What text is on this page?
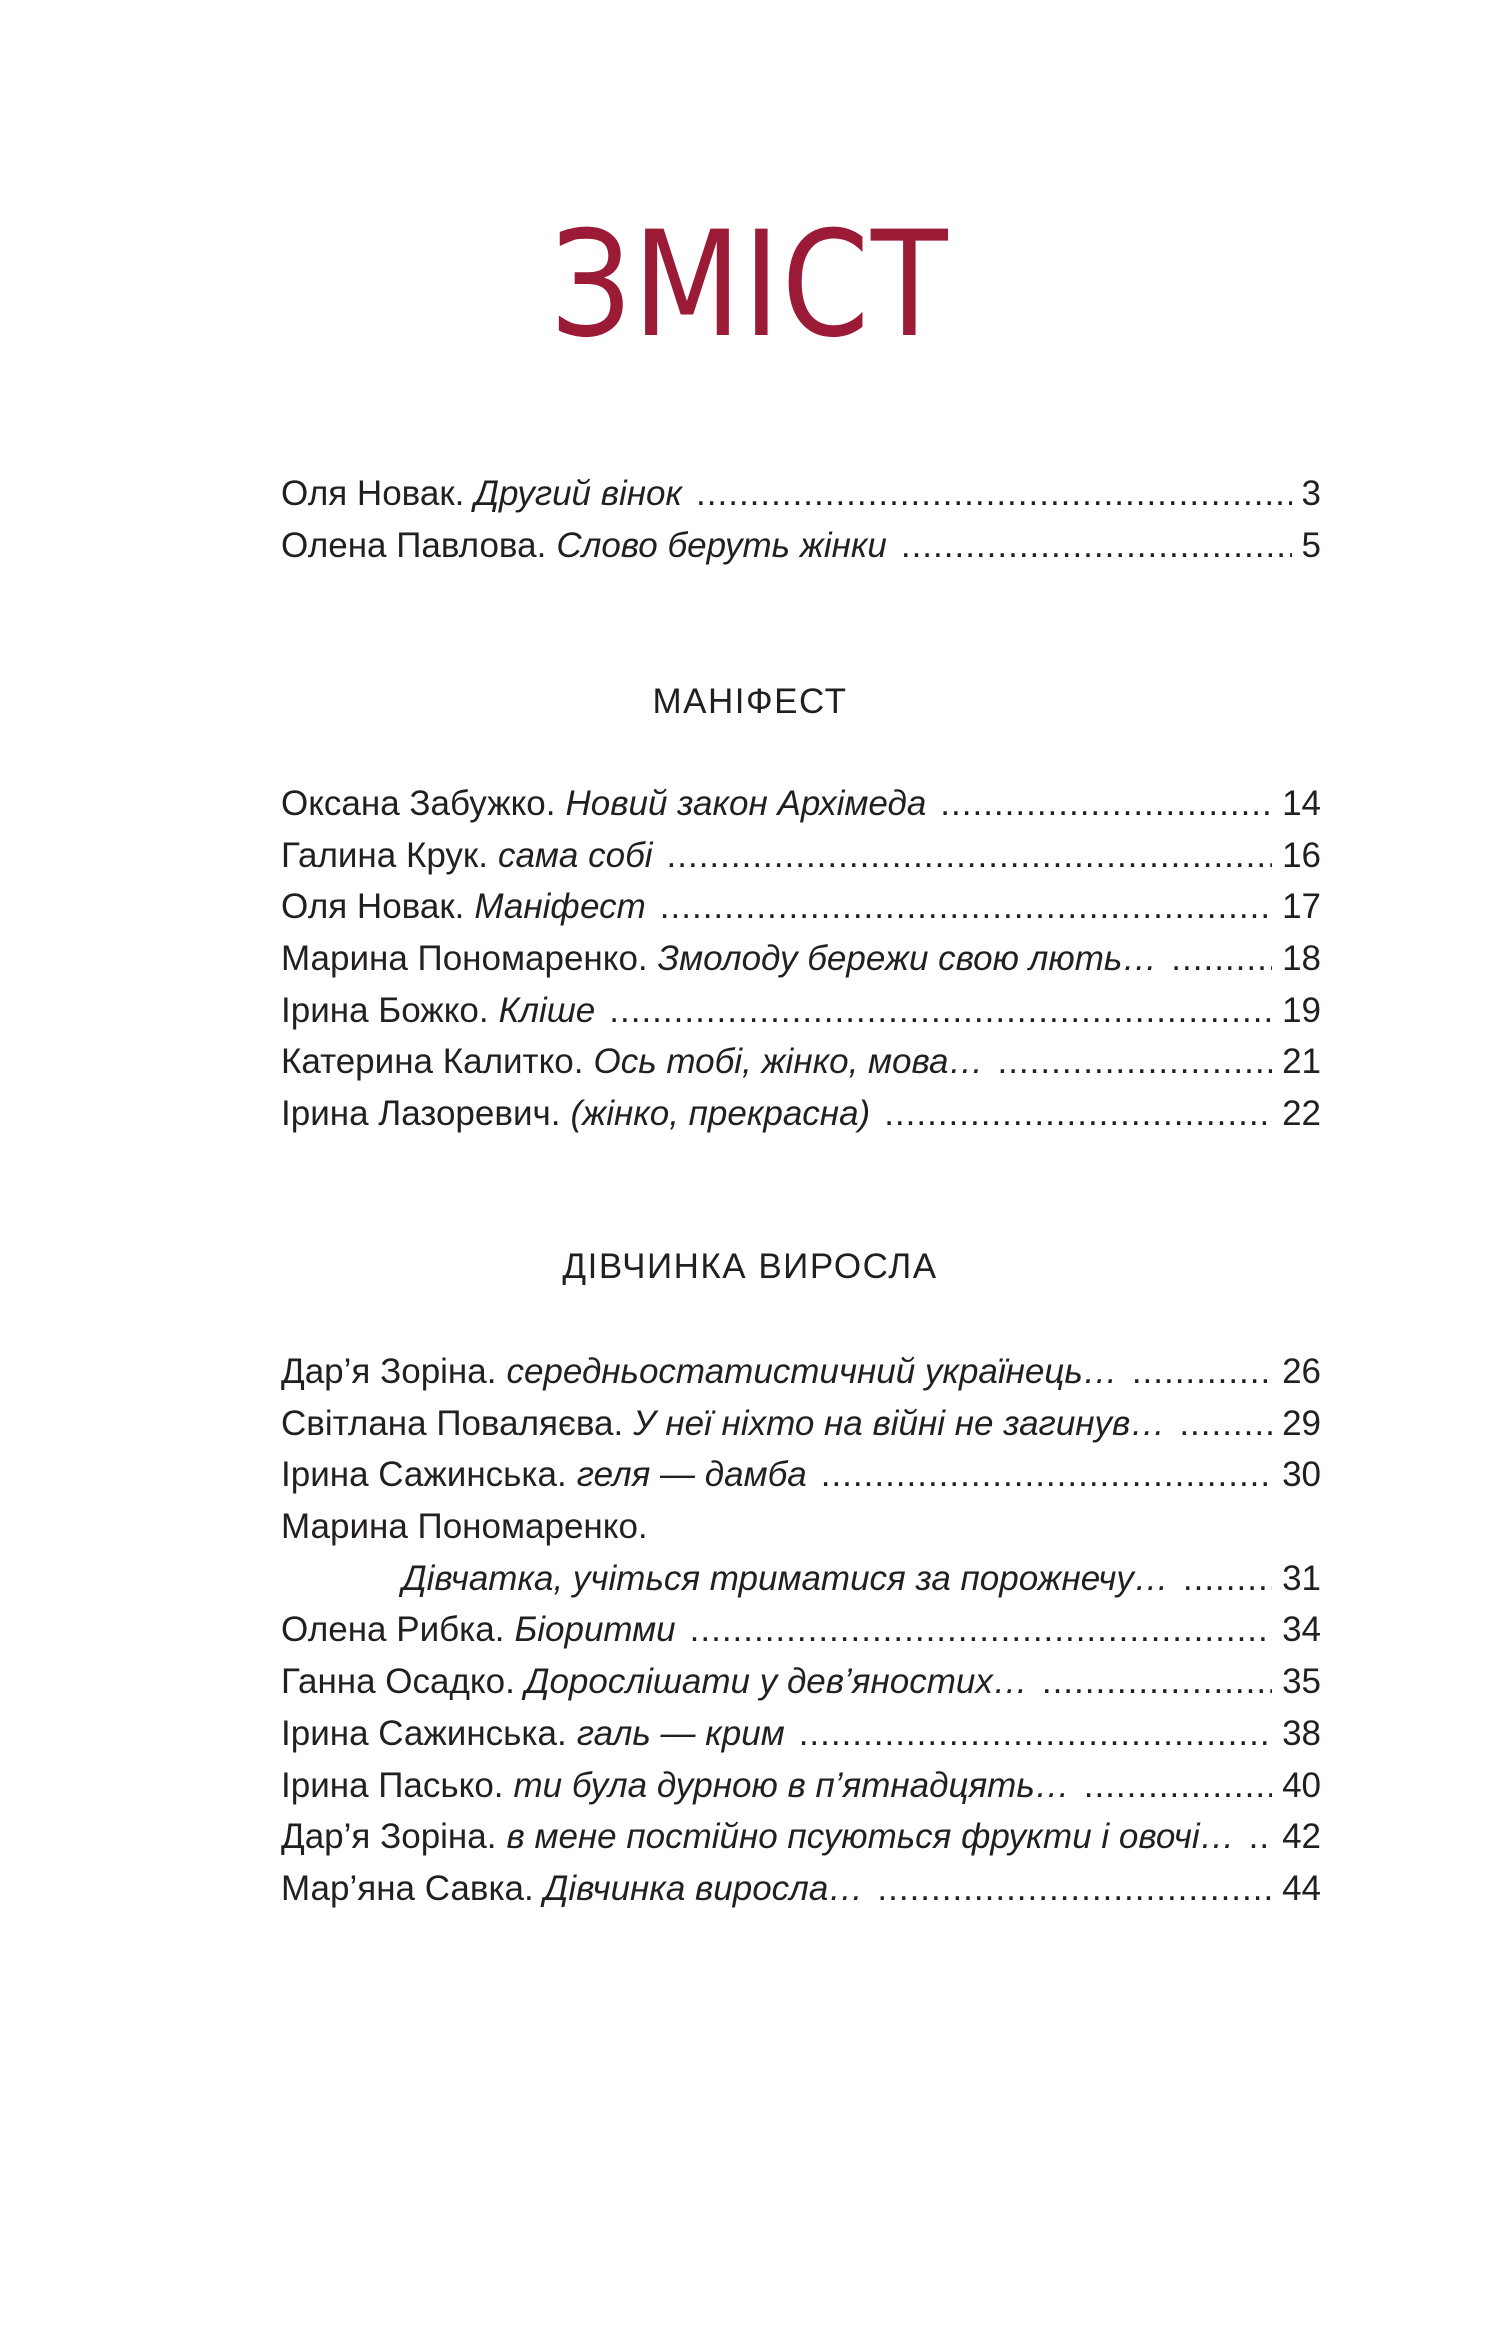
ЗМІСТ
Оля Новак. Другий вінок .....	3
Олена Павлова. Слово беруть жінки .....	5
МАНІФЕСТ
Оксана Забужко. Новий закон Архімеда .....	14
Галина Крук. сама собі .....	16
Оля Новак. Маніфест .....	17
Марина Пономаренко. Змолоду бережи свою лють… .....	18
Ірина Божко. Кліше .....	19
Катерина Калитко. Ось тобі, жінко, мова… .....	21
Ірина Лазоревич. (жінко, прекрасна) .....	22
ДІВЧИНКА ВИРОСЛА
Дар’я Зоріна. середньостатистичний українець… .....	26
Світлана Поваляєва. У неї ніхто на війні не загинув… .....	29
Ірина Сажинська. геля — дамба .....	30
Марина Пономаренко.
Дівчатка, учіться триматися за порожнечу… .....	31
Олена Рибка. Біоритми .....	34
Ганна Осадко. Дорослішати у дев’яностих… .....	35
Ірина Сажинська. галь — крим .....	38
Ірина Пасько. ти була дурною в п’ятнадцять… .....	40
Дар’я Зоріна. в мене постійно псуються фрукти і овочі… ..... 42
Мар’яна Савка. Дівчинка виросла… .....	44
